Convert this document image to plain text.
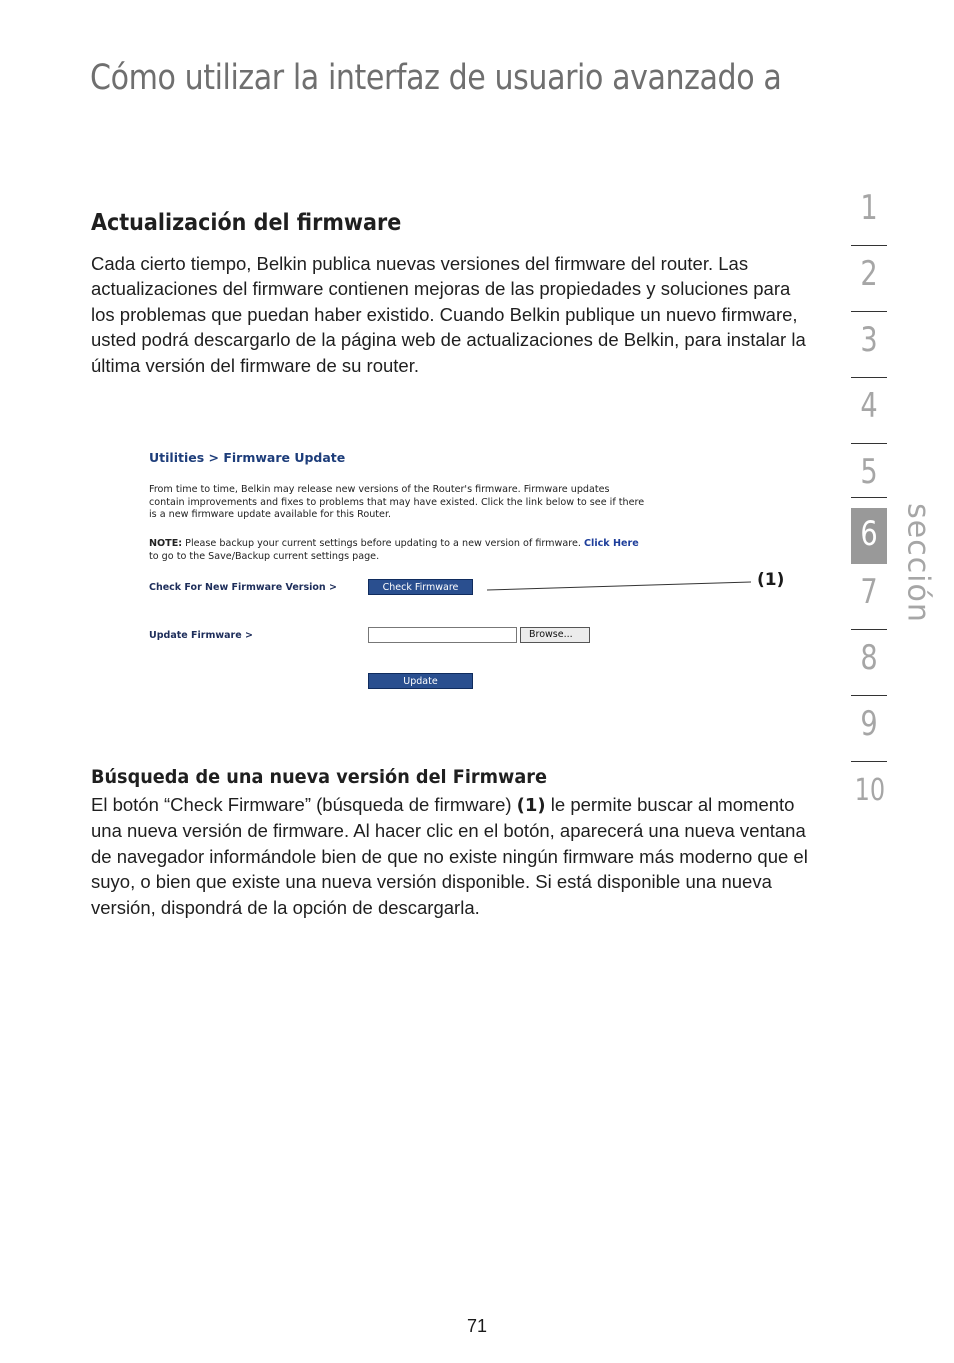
Cómo utilizar la interfaz de usuario avanzado a
Actualización del firmware

Cada cierto tiempo, Belkin publica nuevas versiones del firmware del router. Las actualizaciones del firmware contienen mejoras de las propiedades y soluciones para los problemas que puedan haber existido. Cuando Belkin publique un nuevo firmware, usted podrá descargarlo de la página web de actualizaciones de Belkin, para instalar la última versión del firmware de su router.

Utilities > Firmware Update
From time to time, Belkin may release new versions of the Router's firmware. Firmware updates
contain improvements and fixes to problems that may have existed. Click the link below to see if there
is a new firmware update available for this Router.
NOTE: Please backup your current settings before updating to a new version of firmware. Click Here
to go to the Save/Backup current settings page.
Check For New Firmware Version >	Check Firmware
Update Firmware >	Browse...
Update
(1)
Búsqueda de una nueva versión del Firmware

El botón “Check Firmware” (búsqueda de firmware) (1) le permite buscar al momento una nueva versión de firmware. Al hacer clic en el botón, aparecerá una nueva ventana de navegador informándole bien de que no existe ningún firmware más moderno que el suyo, o bien que existe una nueva versión disponible. Si está disponible una nueva versión, dispondrá de la opción de descargarla.

1
2
3
4
5
6
7
8
9
10
sección
71
